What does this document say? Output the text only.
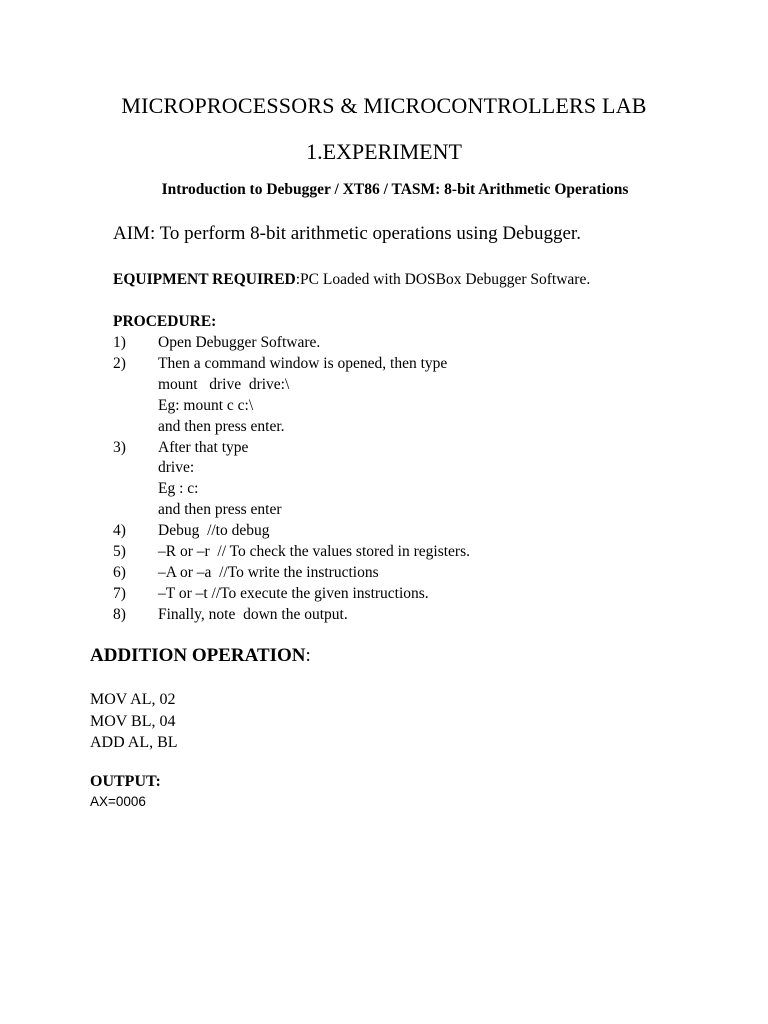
MICROPROCESSORS & MICROCONTROLLERS LAB
1.EXPERIMENT
Introduction to Debugger / XT86 / TASM: 8-bit Arithmetic Operations
AIM: To perform 8-bit arithmetic operations using Debugger.
EQUIPMENT REQUIRED:PC Loaded with DOSBox Debugger Software.
PROCEDURE:
1)	Open Debugger Software.
2)	Then a command window is opened, then type
mount   drive  drive:\
Eg: mount c c:\
and then press enter.
3)	After that type
drive:
Eg : c:
and then press enter
4)	Debug  //to debug
5)	–R or –r  // To check the values stored in registers.
6)	–A or –a  //To write the instructions
7)	–T or –t //To execute the given instructions.
8)	Finally, note  down the output.
ADDITION OPERATION:
MOV AL, 02
MOV BL, 04
ADD AL, BL
OUTPUT:
AX=0006
